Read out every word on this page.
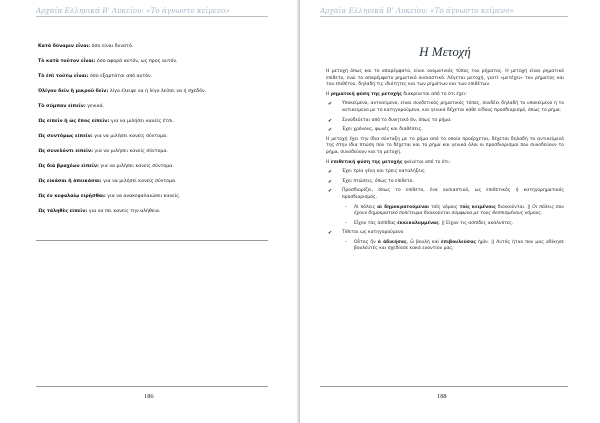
Αρχαία Ελληνικά Β' Λυκείου: «Το άγνωστο κείμενο»
Κατὰ δύναμιν εἶναι: όσο είναι δυνατό.
Τὸ κατὰ τοῦτον εἶναι: όσο αφορά αυτόν, ως προς αυτόν.
Τὸ ἐπὶ τούτῳ εἶναι: όσο εξαρτάται από αυτόν.
Ὀλίγου δεῖν ἢ μικροῦ δεῖν: λίγο έλειψε να ή λίγο λείπει να ή σχεδόν.
Τὸ σύμπαν εἰπεῖν: γενικά.
Ὡς εἰπεῖν ἢ ὡς ἔπος εἰπεῖν: για να μιλήσει κανείς έτσι.
Ὡς συντόμως εἰπεῖν: για να μιλήσει κανείς σύντομα.
Ὡς συνελόντι εἰπεῖν: για να μιλήσει κανείς σύντομα.
Ὡς διὰ βραχέων εἰπεῖν: για να μιλήσει κανείς σύντομα.
Ὡς εἰκάσαι ἢ ἀπεικάσαι: για να μιλήσει κανείς σύντομα.
Ὡς ἐν κεφαλαίῳ εἰρῆσθαι: για να ανακεφαλαιώσει κανείς.
Ὡς τἀληθὲς εἰπεῖν: για να πει κανείς την αλήθεια.
186
Αρχαία Ελληνικά Β' Λυκείου: «Το άγνωστο κείμενο»
Η Μετοχή
Η μετοχή όπως και το απαρέμφατο, είναι ονοματικός τύπος του ρήματος. Η μετοχή είναι ρηματικό επίθετο, ενώ το απαρέμφατο ρηματικό ουσιαστικό. Λέγεται μετοχή, γιατί «μετέχει» του ρήματος και του επιθέτου, δηλαδή τις ιδιότητες και των ρημάτων και των επιθέτων.
Η ρηματική φύση της μετοχής διακρίνεται από το ότι έχει:
✔ Υποκείμενο, αντικείμενο, είναι συνδετικός ρηματικός τύπος, συνδέει δηλαδή το υποκείμενο ή το αντικείμενο με το κατηγορούμενο, και γενικά δέχεται κάθε είδους προσδιορισμό, όπως το ρήμα.
✔ Συνοδεύεται από το δυνητικό ἄν, όπως το ρήμα.
✔ Έχει χρόνους, φωνές και διαθέσεις.
Η μετοχή έχει την ίδια σύνταξη με το ρήμα από το οποίο προέρχεται, δέχεται δηλαδή το αντικείμενό της στην ίδια πτώση που το δέχεται και το ρήμα και γενικά όλοι οι προσδιορισμοί που συνοδεύουν το ρήμα, συνοδεύουν και τη μετοχή.
Η επιθετική φύση της μετοχής φαίνεται από το ότι:
✔ Έχει τρία γένη και τρεις καταλήξεις.
✔ Έχει πτώσεις, όπως το επίθετο.
✔ Προσδιορίζει, όπως το επίθετο, ένα ουσιαστικό, ως επιθετικός ή κατηγορηματικός προσδιορισμός.
- Αἱ πόλεις αἱ δημοκρατούμεναι τοῖς νόμοις τοῖς κειμένοις διοικοῦνται. || Οι πόλεις που έχουν δημοκρατικό πολίτευμα διοικούνται σύμφωνα με τους θεσπισμένους νόμους.
- Εἶχον τὰς ἀσπίδας ἐκκεκαλυμμένας. || Είχαν τις ασπίδες ακάλυπτες.
✔ Τίθεται ως κατηγορούμενο
- Οὗτος ἦν ὁ ἀδικήσας, ὦ βουλή καί ἐπιβουλεύσας ἡμῖν. || Αυτός ήταν που μας αδίκησε βουλευτές και σχεδίασε κακά εναντίον μας.
188
